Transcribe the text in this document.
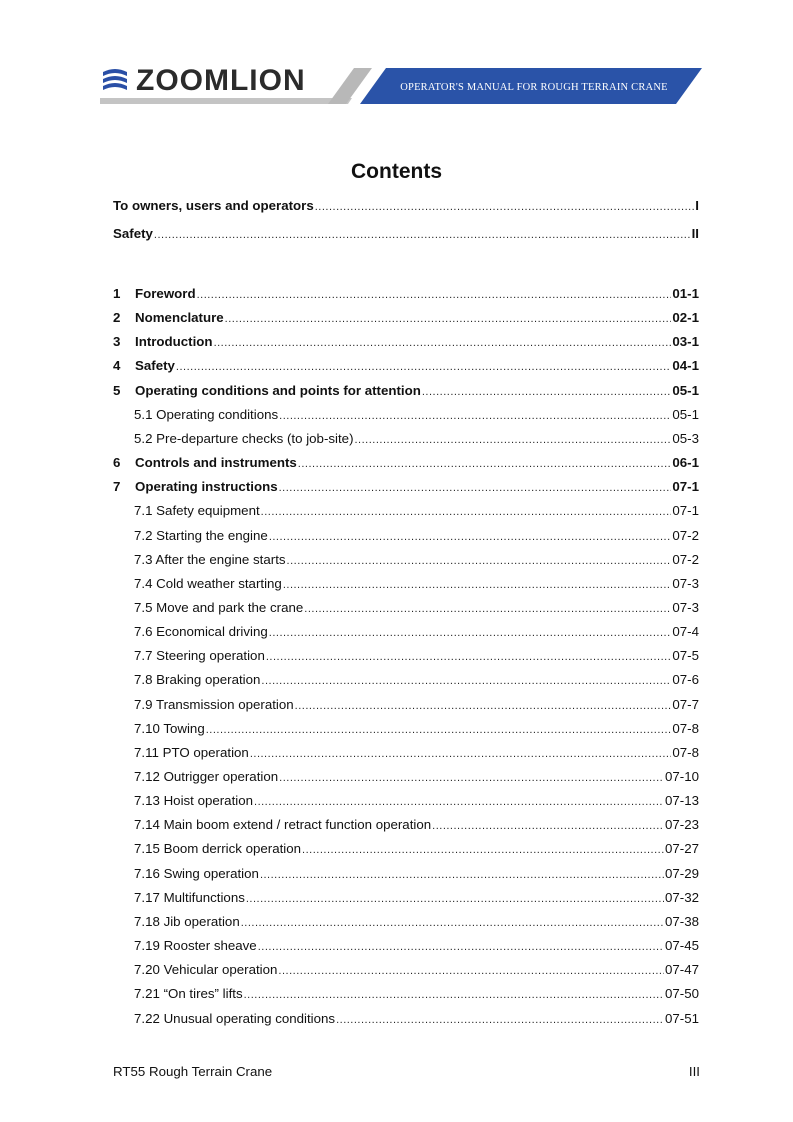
ZOOMLION	OPERATOR'S MANUAL FOR ROUGH TERRAIN CRANE
Contents
To owners, users and operators .....	I
Safety .....	II
1	Foreword .....	01-1
2	Nomenclature .....	02-1
3	Introduction .....	03-1
4	Safety .....	04-1
5	Operating conditions and points for attention .....	05-1
5.1 Operating conditions .....	05-1
5.2 Pre-departure checks (to job-site) .....	05-3
6	Controls and instruments .....	06-1
7	Operating instructions .....	07-1
7.1 Safety equipment .....	07-1
7.2 Starting the engine .....	07-2
7.3 After the engine starts .....	07-2
7.4 Cold weather starting .....	07-3
7.5 Move and park the crane .....	07-3
7.6 Economical driving .....	07-4
7.7 Steering operation .....	07-5
7.8 Braking operation .....	07-6
7.9 Transmission operation .....	07-7
7.10 Towing .....	07-8
7.11 PTO operation .....	07-8
7.12 Outrigger operation .....	07-10
7.13 Hoist operation .....	07-13
7.14 Main boom extend / retract function operation .....	07-23
7.15 Boom derrick operation .....	07-27
7.16 Swing operation .....	07-29
7.17 Multifunctions .....	07-32
7.18 Jib operation .....	07-38
7.19 Rooster sheave .....	07-45
7.20 Vehicular operation .....	07-47
7.21 “On tires” lifts .....	07-50
7.22 Unusual operating conditions .....	07-51
RT55 Rough Terrain Crane	III
